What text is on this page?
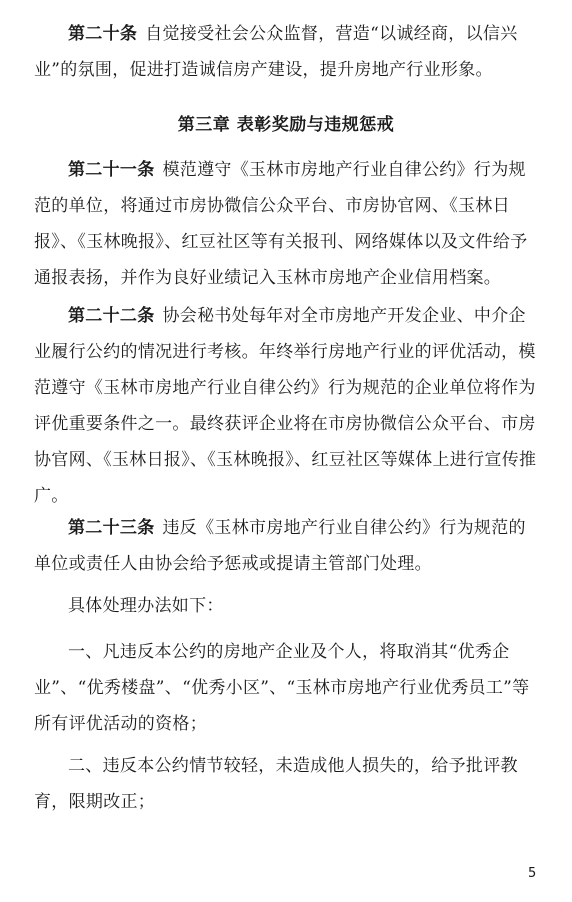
第二十条 自觉接受社会公众监督，营造“以诚经商，以信兴业”的氛围，促进打造诚信房产建设，提升房地产行业形象。

第三章 表彰奖励与违规惩戒

第二十一条 模范遵守《玉林市房地产行业自律公约》行为规范的单位，将通过市房协微信公众平台、市房协官网、《玉林日报》、《玉林晚报》、红豆社区等有关报刊、网络媒体以及文件给予通报表扬，并作为良好业绩记入玉林市房地产企业信用档案。

第二十二条 协会秘书处每年对全市房地产开发企业、中介企业履行公约的情况进行考核。年终举行房地产行业的评优活动，模范遵守《玉林市房地产行业自律公约》行为规范的企业单位将作为评优重要条件之一。最终获评企业将在市房协微信公众平台、市房协官网、《玉林日报》、《玉林晚报》、红豆社区等媒体上进行宣传推广。

第二十三条 违反《玉林市房地产行业自律公约》行为规范的单位或责任人由协会给予惩戒或提请主管部门处理。

具体处理办法如下：

一、凡违反本公约的房地产企业及个人，将取消其“优秀企业”、“优秀楼盘”、“优秀小区”、“玉林市房地产行业优秀员工”等所有评优活动的资格；

二、违反本公约情节较轻，未造成他人损失的，给予批评教育，限期改正；

5
